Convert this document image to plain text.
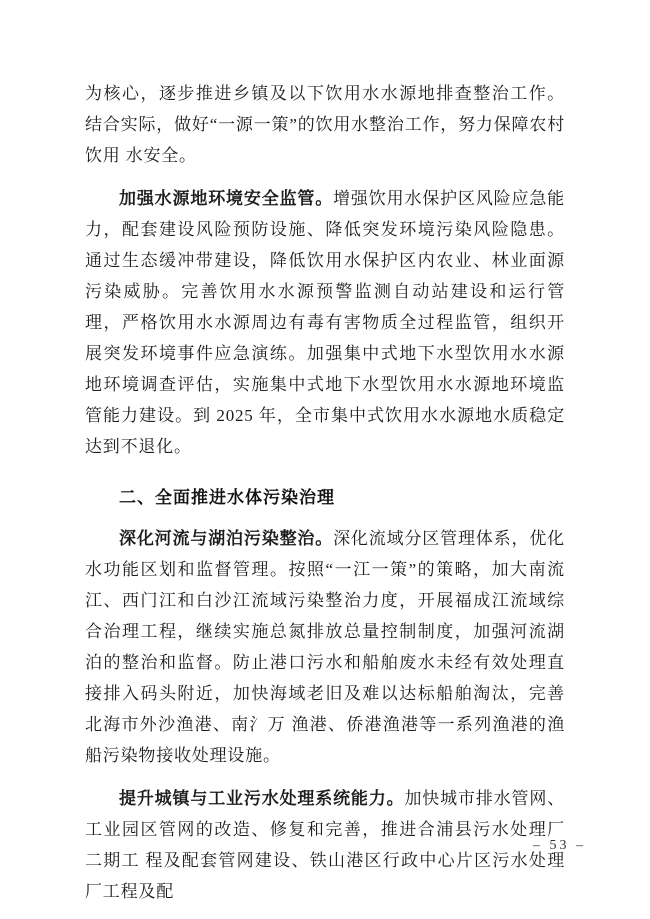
为核心，逐步推进乡镇及以下饮用水水源地排查整治工作。结合实际，做好“一源一策”的饮用水整治工作，努力保障农村饮用 水安全。

加强水源地环境安全监管。增强饮用水保护区风险应急能力，配套建设风险预防设施、降低突发环境污染风险隐患。通过生态缓冲带建设，降低饮用水保护区内农业、林业面源污染威胁。完善饮用水水源预警监测自动站建设和运行管理，严格饮用水水源周边有毒有害物质全过程监管，组织开展突发环境事件应急演练。加强集中式地下水型饮用水水源地环境调查评估，实施集中式地下水型饮用水水源地环境监管能力建设。到 2025 年，全市集中式饮用水水源地水质稳定达到不退化。

二、全面推进水体污染治理

深化河流与湖泊污染整治。深化流域分区管理体系，优化水功能区划和监督管理。按照“一江一策”的策略，加大南流江、西门江和白沙江流域污染整治力度，开展福成江流域综合治理工程，继续实施总氮排放总量控制制度，加强河流湖泊的整治和监督。防止港口污水和船舶废水未经有效处理直接排入码头附近，加快海域老旧及难以达标船舶淘汰，完善北海市外沙渔港、南氵万 渔港、侨港渔港等一系列渔港的渔船污染物接收处理设施。

提升城镇与工业污水处理系统能力。加快城市排水管网、工业园区管网的改造、修复和完善，推进合浦县污水处理厂二期工 程及配套管网建设、铁山港区行政中心片区污水处理厂工程及配

– 53 –
